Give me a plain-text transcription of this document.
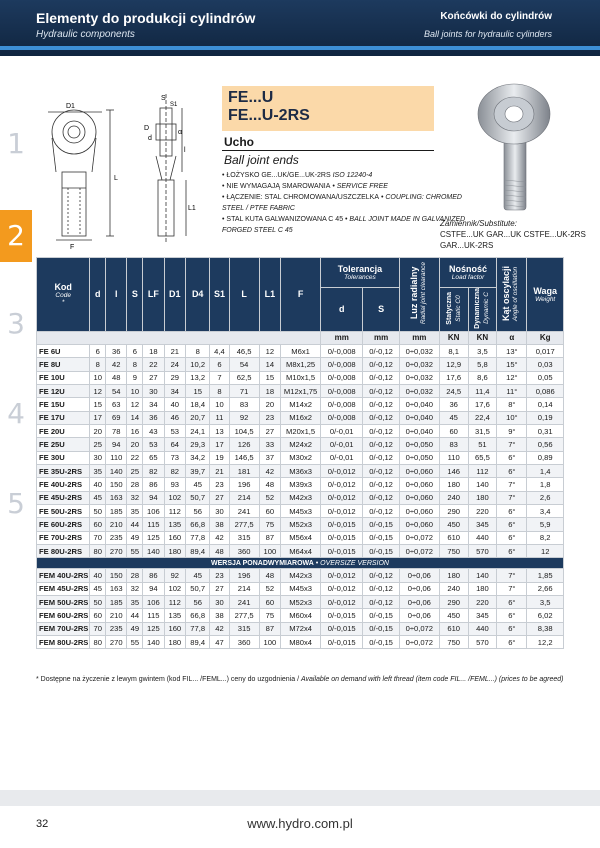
Elementy do produkcji cylindrów
Hydraulic components
Końcówki do cylindrów
Ball joints for hydraulic cylinders
1
2
3
4
5
D1
S
S1
D
d
α
L
L1
l
F
FE...U
FE...U-2RS
Ucho
Ball joint ends
• ŁOŻYSKO GE...UK/GE...UK-2RS ISO 12240-4
• NIE WYMAGAJĄ SMAROWANIA • SERVICE FREE
• ŁĄCZENIE: STAL CHROMOWANA/USZCZELKA • COUPLING: CHROMED
STEEL / PTFE FABRIC
• STAL KUTA GALWANIZOWANA C 45 • BALL JOINT MADE IN GALVANIZED
FORGED STEEL C 45
Zamiennik/Substitute:
CSTFE...UK GAR...UK CSTFE...UK-2RS
GAR...UK-2RS
Kod
Code
*	d	l	S	LF	D1	D4	S1	L	L1	F	Tolerancja
Tolerances		Luz radialny
Radial joint clearance	Nośność
Load factor		Kąt oscylacji
Angle of oscillation	Waga
Weight

											d	S		Statyczna Static C0	Dynamiczna Dynamic C		
											mm	mm	mm	KN	KN	α	Kg
FE 6U	6	36	6	18	21	8	4,4	46,5	12	M6x1	0/-0,008	0/-0,12	0÷0,032	8,1	3,5	13°	0,017
FE 8U	8	42	8	22	24	10,2	6	54	14	M8x1,25	0/-0,008	0/-0,12	0÷0,032	12,9	5,8	15°	0,03
FE 10U	10	48	9	27	29	13,2	7	62,5	15	M10x1,5	0/-0,008	0/-0,12	0÷0,032	17,6	8,6	12°	0,05
FE 12U	12	54	10	30	34	15	8	71	18	M12x1,75	0/-0,008	0/-0,12	0÷0,032	24,5	11,4	11°	0,086
FE 15U	15	63	12	34	40	18,4	10	83	20	M14x2	0/-0,008	0/-0,12	0÷0,040	36	17,6	8°	0,14
FE 17U	17	69	14	36	46	20,7	11	92	23	M16x2	0/-0,008	0/-0,12	0÷0,040	45	22,4	10°	0,19
FE 20U	20	78	16	43	53	24,1	13	104,5	27	M20x1,5	0/-0,01	0/-0,12	0÷0,040	60	31,5	9°	0,31
FE 25U	25	94	20	53	64	29,3	17	126	33	M24x2	0/-0,01	0/-0,12	0÷0,050	83	51	7°	0,56
FE 30U	30	110	22	65	73	34,2	19	146,5	37	M30x2	0/-0,01	0/-0,12	0÷0,050	110	65,5	6°	0,89
FE 35U-2RS	35	140	25	82	82	39,7	21	181	42	M36x3	0/-0,012	0/-0,12	0÷0,060	146	112	6°	1,4
FE 40U-2RS	40	150	28	86	93	45	23	196	48	M39x3	0/-0,012	0/-0,12	0÷0,060	180	140	7°	1,8
FE 45U-2RS	45	163	32	94	102	50,7	27	214	52	M42x3	0/-0,012	0/-0,12	0÷0,060	240	180	7°	2,6
FE 50U-2RS	50	185	35	106	112	56	30	241	60	M45x3	0/-0,012	0/-0,12	0÷0,060	290	220	6°	3,4
FE 60U-2RS	60	210	44	115	135	66,8	38	277,5	75	M52x3	0/-0,015	0/-0,15	0÷0,060	450	345	6°	5,9
FE 70U-2RS	70	235	49	125	160	77,8	42	315	87	M56x4	0/-0,015	0/-0,15	0÷0,072	610	440	6°	8,2
FE 80U-2RS	80	270	55	140	180	89,4	48	360	100	M64x4	0/-0,015	0/-0,15	0÷0,072	750	570	6°	12
WERSJA PONADWYMIAROWA • OVERSIZE VERSION																	
FEM 40U-2RS	40	150	28	86	92	45	23	196	48	M42x3	0/-0,012	0/-0,12	0÷0,06	180	140	7°	1,85
FEM 45U-2RS	45	163	32	94	102	50,7	27	214	52	M45x3	0/-0,012	0/-0,12	0÷0,06	240	180	7°	2,66
FEM 50U-2RS	50	185	35	106	112	56	30	241	60	M52x3	0/-0,012	0/-0,12	0÷0,06	290	220	6°	3,5
FEM 60U-2RS	60	210	44	115	135	66,8	38	277,5	75	M60x4	0/-0,015	0/-0,15	0÷0,06	450	345	6°	6,02
FEM 70U-2RS	70	235	49	125	160	77,8	42	315	87	M72x4	0/-0,015	0/-0,15	0÷0,072	610	440	6°	8,38
FEM 80U-2RS	80	270	55	140	180	89,4	47	360	100	M80x4	0/-0,015	0/-0,15	0÷0,072	750	570	6°	12,2
* Dostępne na życzenie z lewym gwintem (kod FIL... /FEML...) ceny do uzgodnienia / Available on demand with left thread (item code FIL... /FEML...) (prices to be agreed)
32	www.hydro.com.pl
